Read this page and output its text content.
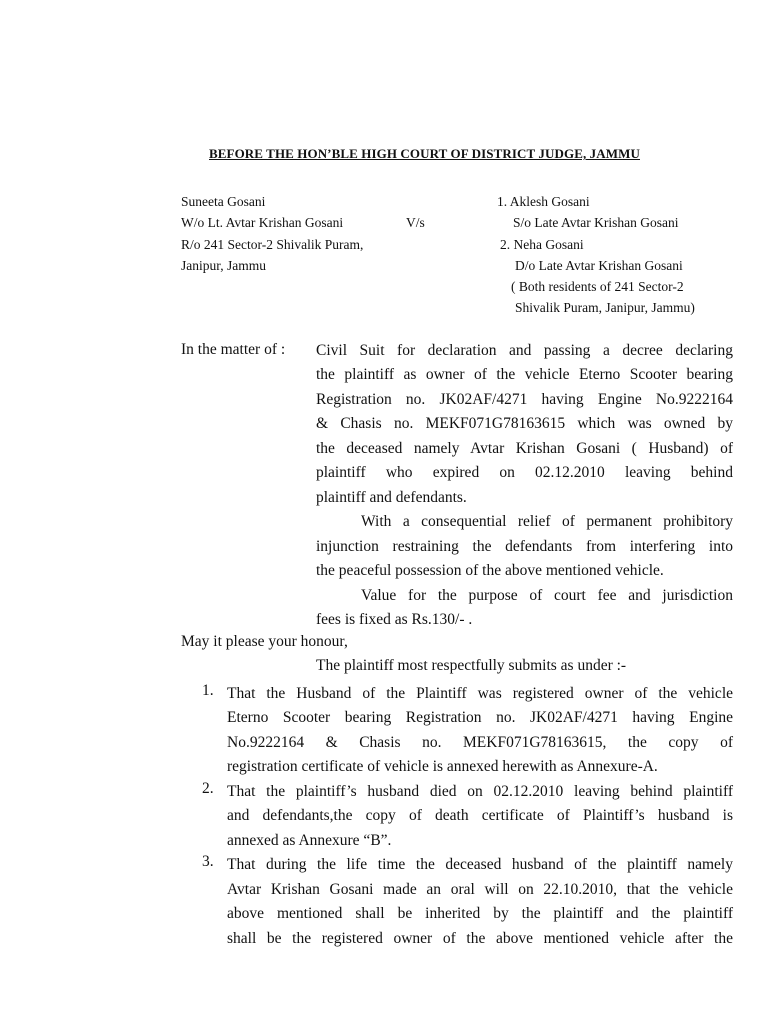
BEFORE THE HON’BLE HIGH COURT OF DISTRICT JUDGE, JAMMU
Suneeta Gosani
W/o Lt. Avtar Krishan Gosani
R/o 241 Sector-2 Shivalik Puram,
Janipur, Jammu
V/s
1. Aklesh Gosani
S/o Late Avtar Krishan Gosani
2. Neha Gosani
D/o Late Avtar Krishan Gosani
( Both residents of 241 Sector-2
Shivalik Puram, Janipur, Jammu)
In the matter of : Civil Suit for declaration and passing a decree declaring
the plaintiff as owner of the vehicle Eterno Scooter bearing
Registration no. JK02AF/4271 having Engine No.9222164
& Chasis no. MEKF071G78163615 which was owned by
the deceased namely Avtar Krishan Gosani ( Husband) of
plaintiff who expired on 02.12.2010 leaving behind
plaintiff and defendants.
With a consequential relief of permanent prohibitory
injunction restraining the defendants from interfering into
the peaceful possession of the above mentioned vehicle.
Value for the purpose of court fee and jurisdiction
fees is fixed as Rs.130/- .
May it please your honour,
The plaintiff most respectfully submits as under :-
1. That the Husband of the Plaintiff was registered owner of the vehicle
Eterno Scooter bearing Registration no. JK02AF/4271 having Engine
No.9222164 & Chasis no. MEKF071G78163615, the copy of
registration certificate of vehicle is annexed herewith as Annexure-A.
2. That the plaintiff’s husband died on 02.12.2010 leaving behind plaintiff
and defendants,the copy of death certificate of Plaintiff’s husband is
annexed as Annexure “B”.
3. That during the life time the deceased husband of the plaintiff namely
Avtar Krishan Gosani made an oral will on 22.10.2010, that the vehicle
above mentioned shall be inherited by the plaintiff and the plaintiff
shall be the registered owner of the above mentioned vehicle after the
